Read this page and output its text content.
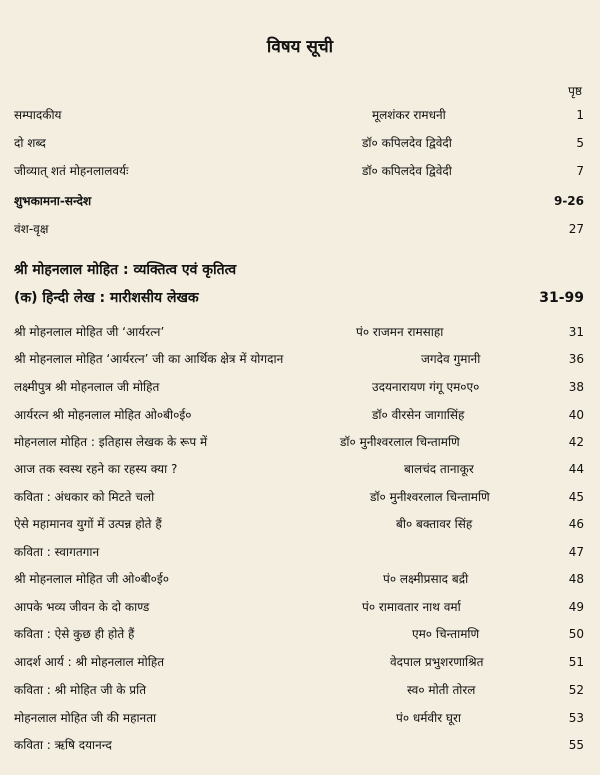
विषय सूची
पृष्ठ
सम्पादकीय	मूलशंकर रामधनी	1
दो शब्द	डॉ० कपिलदेव द्विवेदी	5
जीव्यात् शतं मोहनलालवर्यः	डॉ० कपिलदेव द्विवेदी	7
शुभकामना-सन्देश	9-26
वंश-वृक्ष	27
श्री मोहनलाल मोहित : व्यक्तित्व एवं कृतित्व
(क) हिन्दी लेख : मारीशसीय लेखक	31-99
श्री मोहनलाल मोहित जी ‘आर्यरत्न’	पं० राजमन रामसाहा	31
श्री मोहनलाल मोहित ‘आर्यरत्न’ जी का आर्थिक क्षेत्र में योगदान	जगदेव गुमानी	36
लक्ष्मीपुत्र श्री मोहनलाल जी मोहित	उदयनारायण गंगू एम०ए०	38
आर्यरत्न श्री मोहनलाल मोहित ओ०बी०ई०	डॉ० वीरसेन जागासिंह	40
मोहनलाल मोहित : इतिहास लेखक के रूप में	डॉ० मुनीश्वरलाल चिन्तामणि	42
आज तक स्वस्थ रहने का रहस्य क्या ?	बालचंद तानाकूर	44
कविता : अंधकार को मिटते चलो	डॉ० मुनीश्वरलाल चिन्तामणि	45
ऐसे महामानव युगों में उत्पन्न होते हैं	बी० बक्तावर सिंह	46
कविता : स्वागतगान	47
श्री मोहनलाल मोहित जी ओ०बी०ई०	पं० लक्ष्मीप्रसाद बद्री	48
आपके भव्य जीवन के दो काण्ड	पं० रामावतार नाथ वर्मा	49
कविता : ऐसे कुछ ही होते हैं	एम० चिन्तामणि	50
आदर्श आर्य : श्री मोहनलाल मोहित	वेदपाल प्रभुशरणाश्रित	51
कविता : श्री मोहित जी के प्रति	स्व० मोती तोरल	52
मोहनलाल मोहित जी की महानता	पं० धर्मवीर घूरा	53
कविता : ऋषि दयानन्द	55
